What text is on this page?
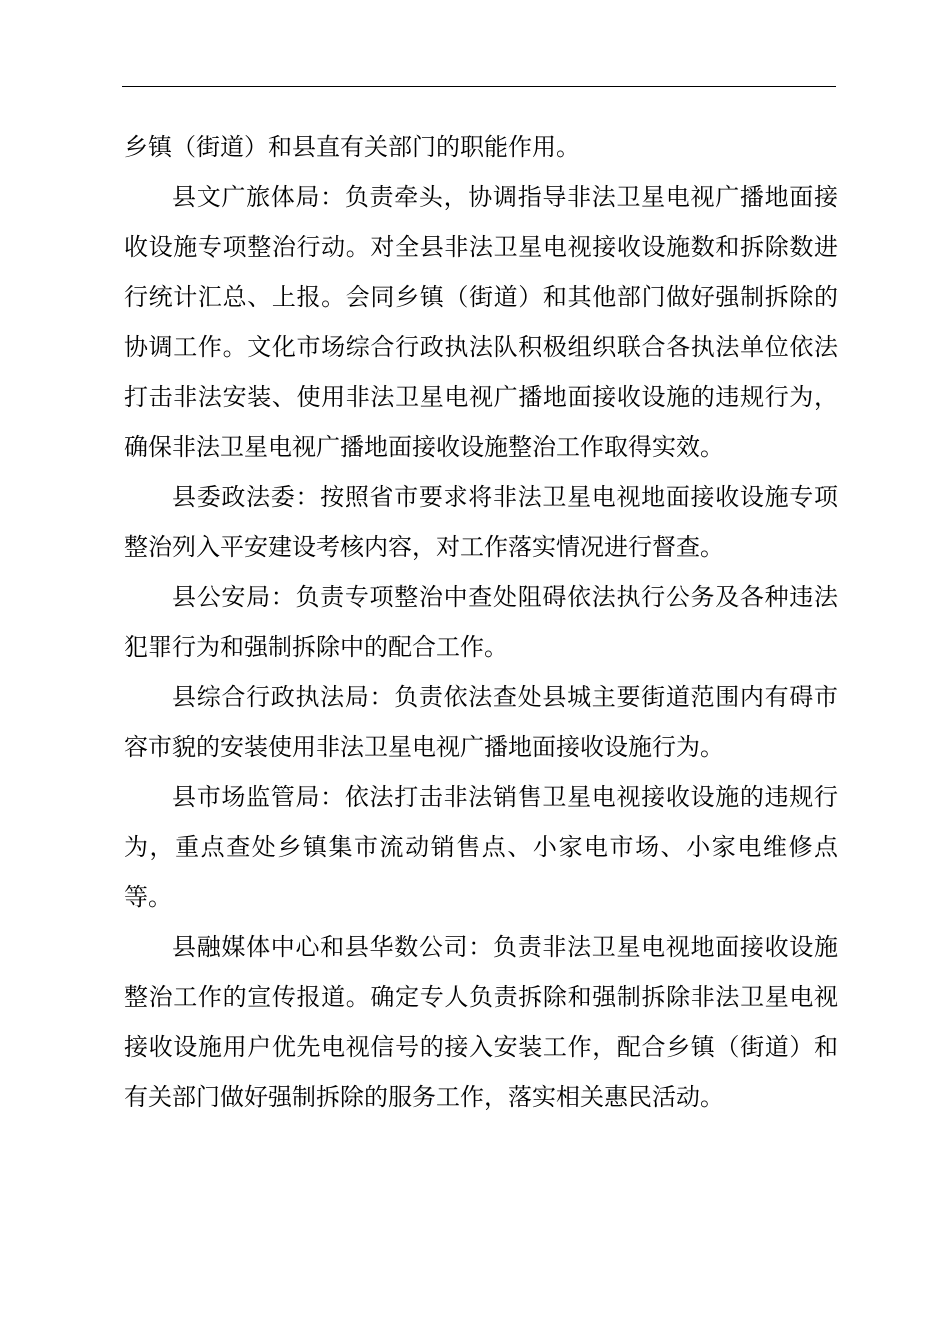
乡镇（街道）和县直有关部门的职能作用。

县文广旅体局：负责牵头，协调指导非法卫星电视广播地面接收设施专项整治行动。对全县非法卫星电视接收设施数和拆除数进行统计汇总、上报。会同乡镇（街道）和其他部门做好强制拆除的协调工作。文化市场综合行政执法队积极组织联合各执法单位依法打击非法安装、使用非法卫星电视广播地面接收设施的违规行为，确保非法卫星电视广播地面接收设施整治工作取得实效。

县委政法委：按照省市要求将非法卫星电视地面接收设施专项整治列入平安建设考核内容，对工作落实情况进行督查。

县公安局：负责专项整治中查处阻碍依法执行公务及各种违法犯罪行为和强制拆除中的配合工作。

县综合行政执法局：负责依法查处县城主要街道范围内有碍市容市貌的安装使用非法卫星电视广播地面接收设施行为。

县市场监管局：依法打击非法销售卫星电视接收设施的违规行为，重点查处乡镇集市流动销售点、小家电市场、小家电维修点等。

县融媒体中心和县华数公司：负责非法卫星电视地面接收设施整治工作的宣传报道。确定专人负责拆除和强制拆除非法卫星电视接收设施用户优先电视信号的接入安装工作，配合乡镇（街道）和有关部门做好强制拆除的服务工作，落实相关惠民活动。
